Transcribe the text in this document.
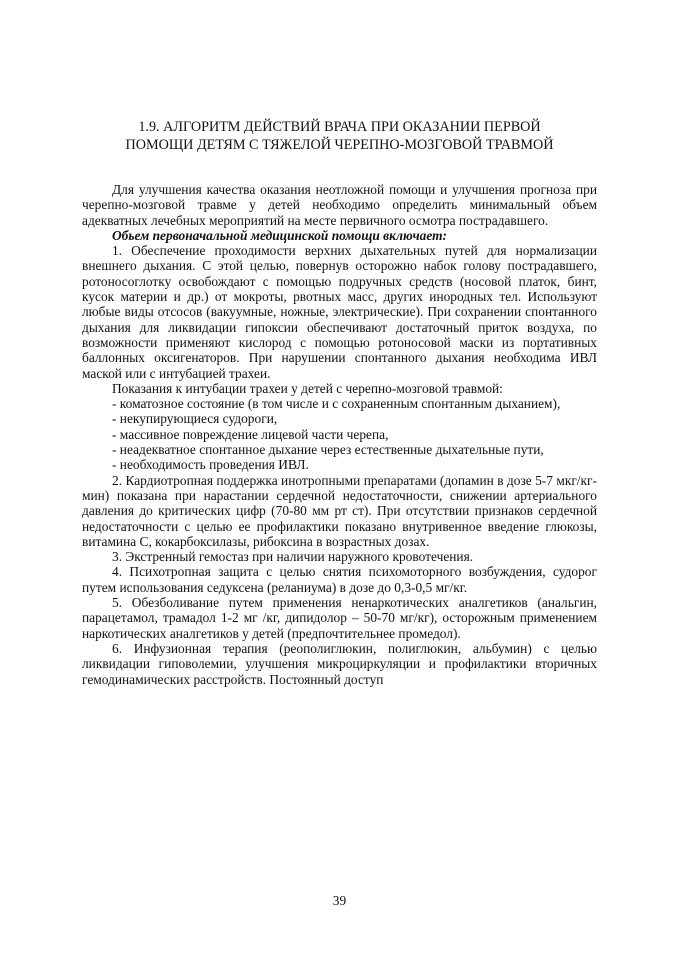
1.9. АЛГОРИТМ ДЕЙСТВИЙ ВРАЧА ПРИ ОКАЗАНИИ ПЕРВОЙ
ПОМОЩИ ДЕТЯМ С ТЯЖЕЛОЙ ЧЕРЕПНО-МОЗГОВОЙ ТРАВМОЙ

Для улучшения качества оказания неотложной помощи и улучшения прогноза при черепно-мозговой травме у детей необходимо определить минимальный объем адекватных лечебных мероприятий на месте первичного осмотра пострадавшего.

Обьем первоначальной медицинской помощи включает:

1. Обеспечение проходимости верхних дыхательных путей для нормализации внешнего дыхания. С этой целью, повернув осторожно набок голову пострадавшего, ротоносоглотку освобождают с помощью подручных средств (носовой платок, бинт, кусок материи и др.) от мокроты, рвотных масс, других инородных тел. Используют любые виды отсосов (вакуумные, ножные, электрические). При сохранении спонтанного дыхания для ликвидации гипоксии обеспечивают достаточный приток воздуха, по возможности применяют кислород с помощью ротоносовой маски из портативных баллонных оксигенаторов. При нарушении спонтанного дыхания необходима ИВЛ маской или с интубацией трахеи.

Показания к интубации трахеи у детей с черепно-мозговой травмой:

- коматозное состояние (в том числе и с сохраненным спонтанным дыханием),

- некупирующиеся судороги,

- массивное повреждение лицевой части черепа,

- неадекватное спонтанное дыхание через естественные дыхательные пути,

- необходимость проведения ИВЛ.

2. Кардиотропная поддержка инотропными препаратами (допамин в дозе 5-7 мкг/кг-мин) показана при нарастании сердечной недостаточности, снижении артериального давления до критических цифр (70-80 мм рт ст). При отсутствии признаков сердечной недостаточности с целью ее профилактики показано внутривенное введение глюкозы, витамина С, кокарбоксилазы, рибоксина в возрастных дозах.

3. Экстренный гемостаз при наличии наружного кровотечения.

4. Психотропная защита с целью снятия психомоторного возбуждения, судорог путем использования седуксена (реланиума) в дозе до 0,3-0,5 мг/кг.

5. Обезболивание путем применения ненаркотических аналгетиков (анальгин, парацетамол, трамадол 1-2 мг /кг, дипидолор – 50-70 мг/кг), осторожным применением наркотических аналгетиков у детей (предпочтительнее промедол).

6. Инфузионная терапия (реополиглюкин, полиглюкин, альбумин) с целью ликвидации гиповолемии, улучшения микроциркуляции и профилактики вторичных гемодинамических расстройств. Постоянный доступ

39
